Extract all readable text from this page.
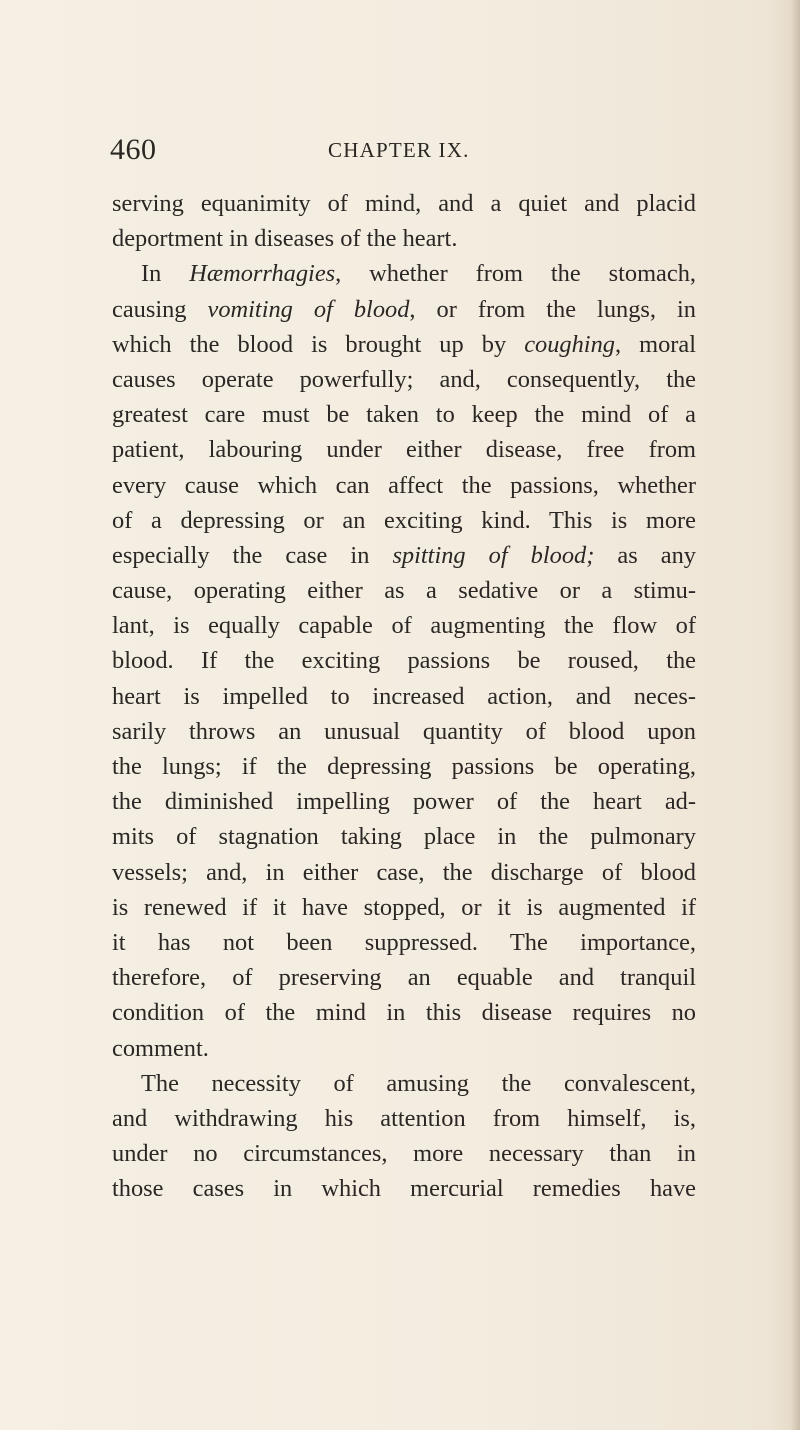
460	CHAPTER IX.
serving equanimity of mind, and a quiet and placid
deportment in diseases of the heart.
In Hæmorrhagies, whether from the stomach,
causing vomiting of blood, or from the lungs, in
which the blood is brought up by coughing, moral
causes operate powerfully; and, consequently, the
greatest care must be taken to keep the mind of a
patient, labouring under either disease, free from
every cause which can affect the passions, whether
of a depressing or an exciting kind. This is more
especially the case in spitting of blood; as any
cause, operating either as a sedative or a stimu-
lant, is equally capable of augmenting the flow of
blood. If the exciting passions be roused, the
heart is impelled to increased action, and neces-
sarily throws an unusual quantity of blood upon
the lungs; if the depressing passions be operating,
the diminished impelling power of the heart ad-
mits of stagnation taking place in the pulmonary
vessels; and, in either case, the discharge of blood
is renewed if it have stopped, or it is augmented if
it has not been suppressed. The importance,
therefore, of preserving an equable and tranquil
condition of the mind in this disease requires no
comment.
The necessity of amusing the convalescent,
and withdrawing his attention from himself, is,
under no circumstances, more necessary than in
those cases in which mercurial remedies have
